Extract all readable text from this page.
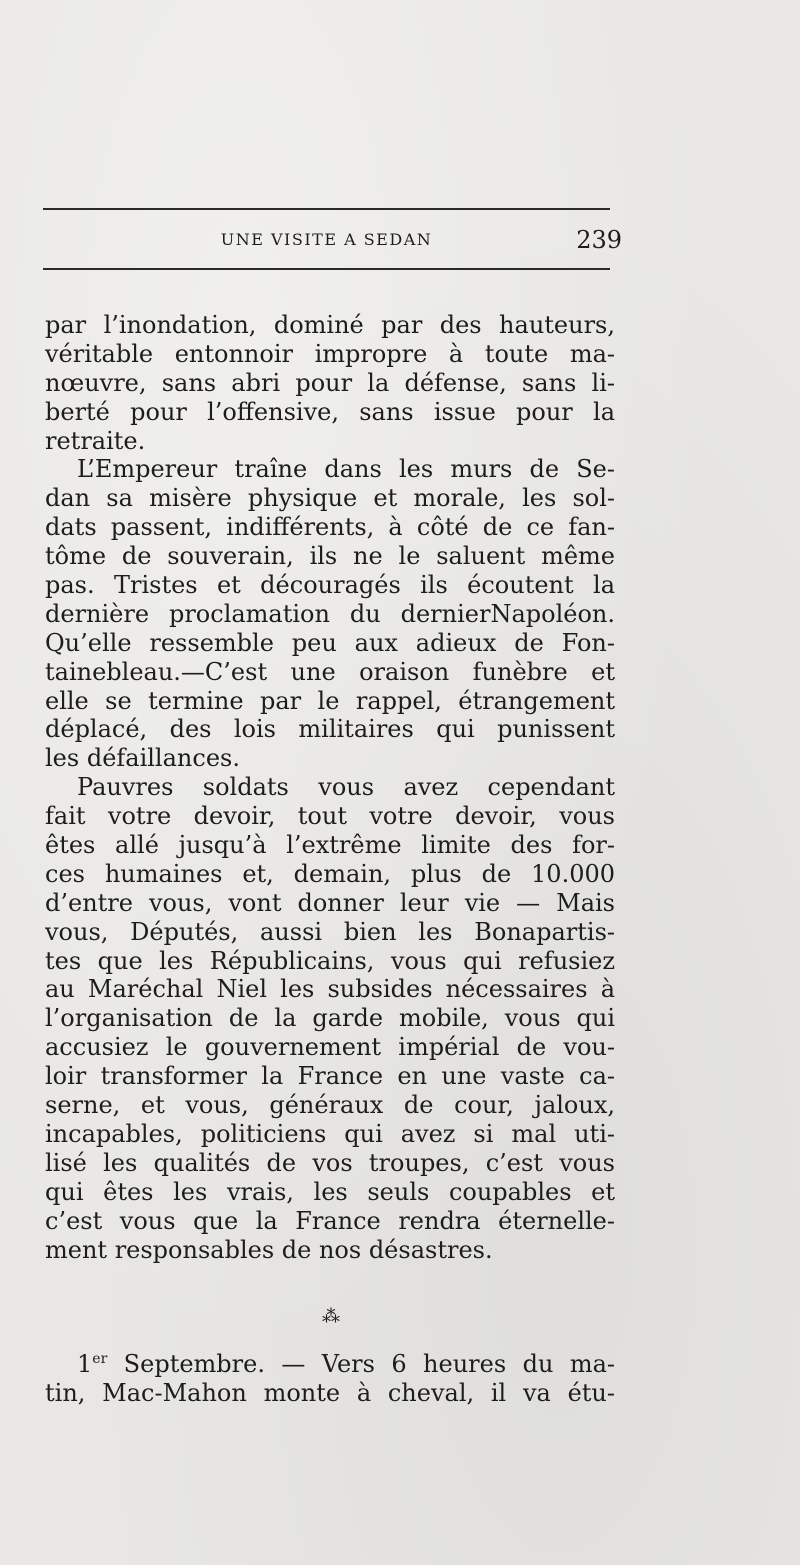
UNE VISITE A SEDAN	239
par l’inondation, dominé par des hauteurs,
véritable entonnoir impropre à toute ma-
nœuvre, sans abri pour la défense, sans li-
berté pour l’offensive, sans issue pour la
retraite.
L’Empereur traîne dans les murs de Se-
dan sa misère physique et morale, les sol-
dats passent, indifférents, à côté de ce fan-
tôme de souverain, ils ne le saluent même
pas. Tristes et découragés ils écoutent la
dernière proclamation du dernierNapoléon.
Qu’elle ressemble peu aux adieux de Fon-
tainebleau.—C’est une oraison funèbre et
elle se termine par le rappel, étrangement
déplacé, des lois militaires qui punissent
les défaillances.
Pauvres soldats vous avez cependant
fait votre devoir, tout votre devoir, vous
êtes allé jusqu’à l’extrême limite des for-
ces humaines et, demain, plus de 10.000
d’entre vous, vont donner leur vie — Mais
vous, Députés, aussi bien les Bonapartis-
tes que les Républicains, vous qui refusiez
au Maréchal Niel les subsides nécessaires à
l’organisation de la garde mobile, vous qui
accusiez le gouvernement impérial de vou-
loir transformer la France en une vaste ca-
serne, et vous, généraux de cour, jaloux,
incapables, politiciens qui avez si mal uti-
lisé les qualités de vos troupes, c’est vous
qui êtes les vrais, les seuls coupables et
c’est vous que la France rendra éternelle-
ment responsables de nos désastres.
⁂
1er Septembre. — Vers 6 heures du ma-
tin, Mac-Mahon monte à cheval, il va étu-
